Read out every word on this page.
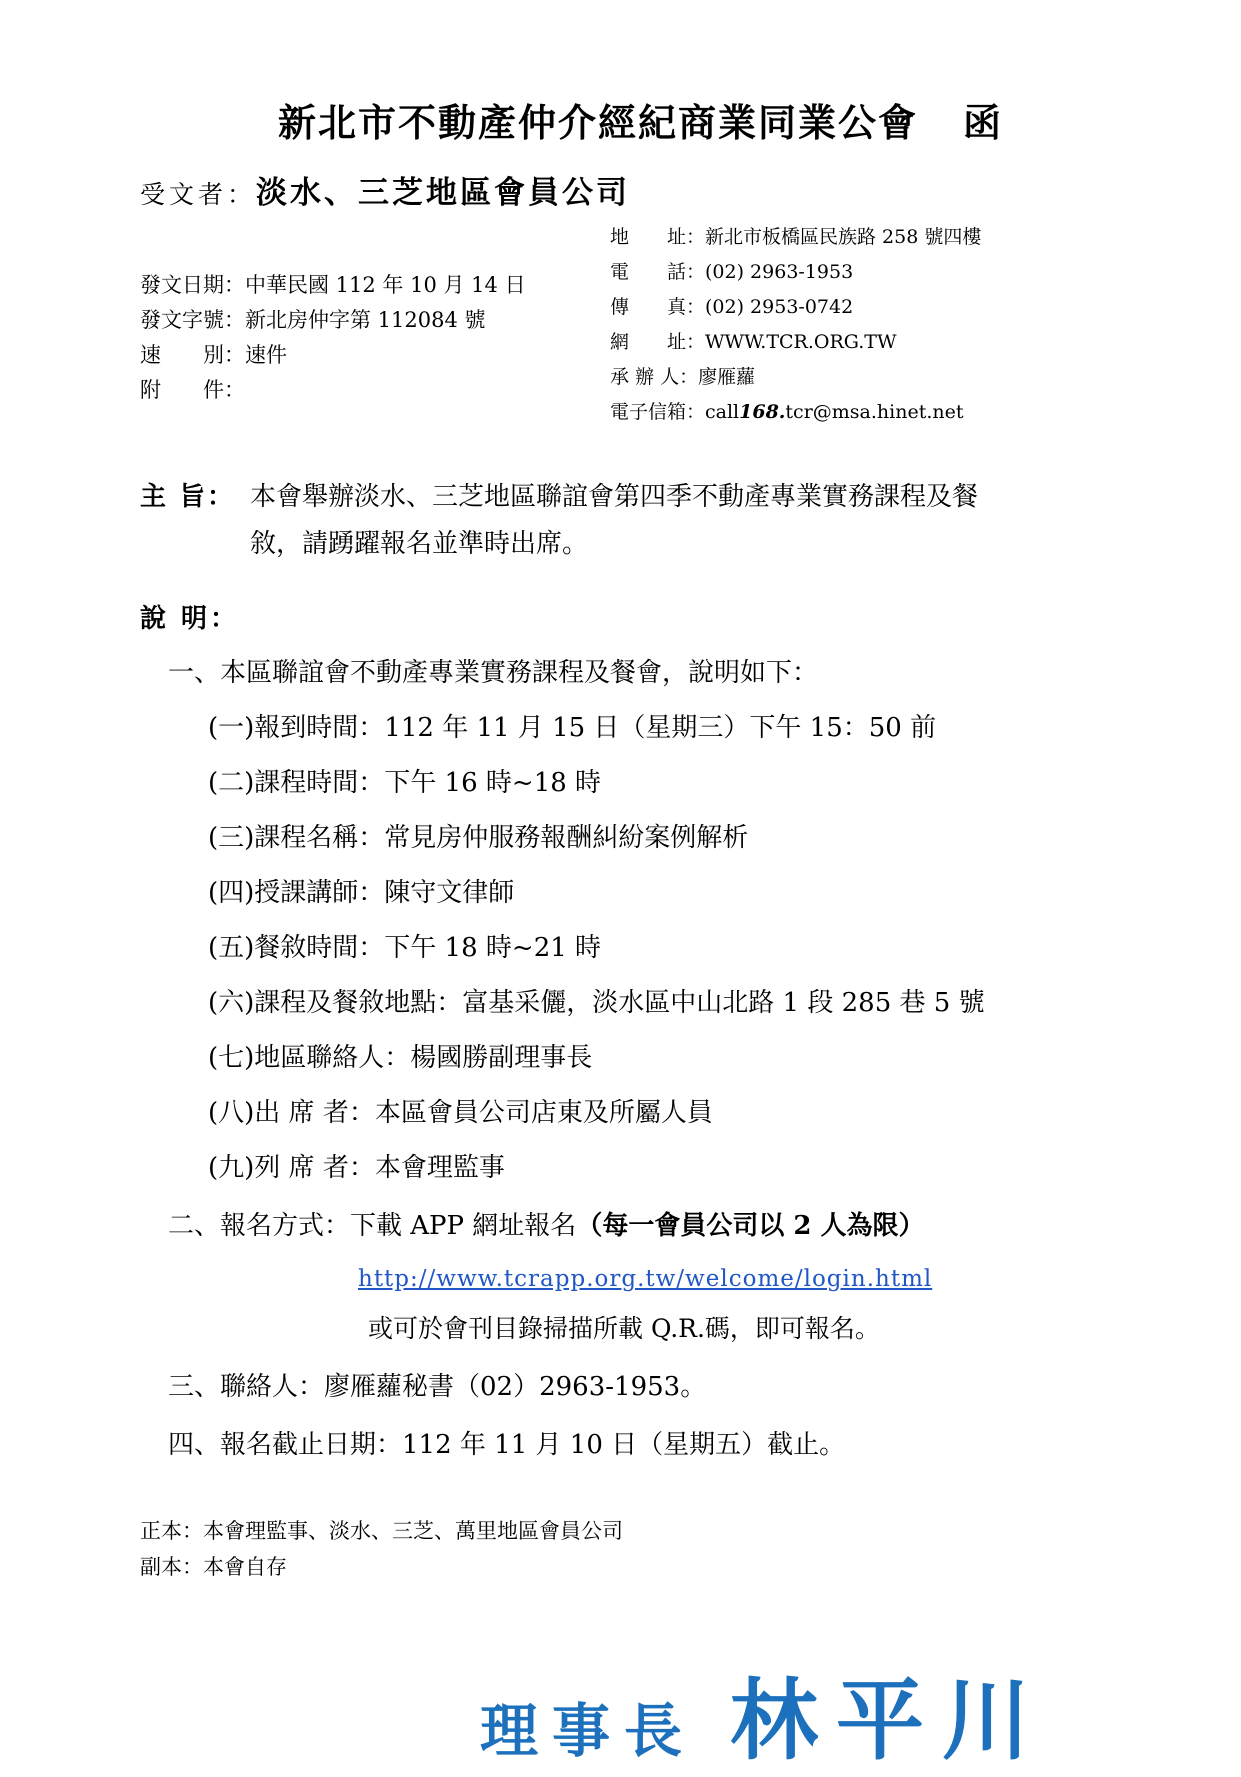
新北市不動產仲介經紀商業同業公會 函
受文者：淡水、三芝地區會員公司
發文日期：中華民國 112 年 10 月 14 日
發文字號：新北房仲字第 112084 號
速　　別：速件
附　　件：
地　　址：新北市板橋區民族路 258 號四樓
電　　話：(02) 2963-1953
傳　　真：(02) 2953-0742
網　　址：WWW.TCR.ORG.TW
承 辦 人：廖雁蘿
電子信箱：call168.tcr@msa.hinet.net
主 旨： 本會舉辦淡水、三芝地區聯誼會第四季不動產專業實務課程及餐敘，請踴躍報名並準時出席。
說 明：
一、本區聯誼會不動產專業實務課程及餐會，說明如下：
(一)報到時間：112 年 11 月 15 日（星期三）下午 15：50 前
(二)課程時間：下午 16 時~18 時
(三)課程名稱：常見房仲服務報酬糾紛案例解析
(四)授課講師：陳守文律師
(五)餐敘時間：下午 18 時~21 時
(六)課程及餐敘地點：富基采儷，淡水區中山北路 1 段 285 巷 5 號
(七)地區聯絡人：楊國勝副理事長
(八)出 席 者：本區會員公司店東及所屬人員
(九)列 席 者：本會理監事
二、報名方式：下載 APP 網址報名（每一會員公司以 2 人為限）
http://www.tcrapp.org.tw/welcome/login.html
或可於會刊目錄掃描所載 Q.R.碼，即可報名。
三、聯絡人：廖雁蘿秘書（02）2963-1953。
四、報名截止日期：112 年 11 月 10 日（星期五）截止。
正本：本會理監事、淡水、三芝、萬里地區會員公司
副本：本會自存
理事長 林平川
